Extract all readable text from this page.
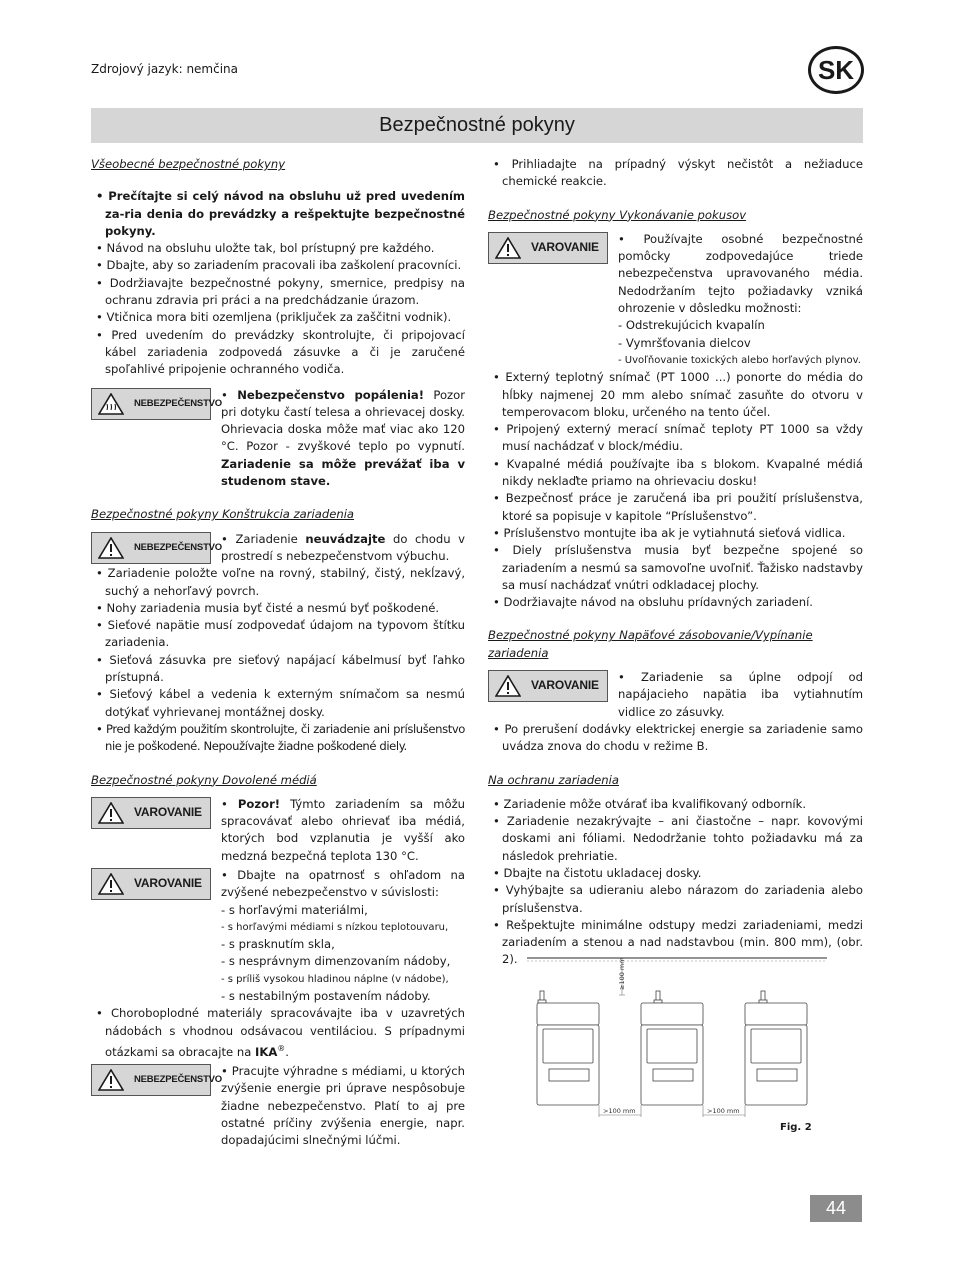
Zdrojový jazyk: nemčina	SK
Bezpečnostné pokyny

Všeobecné bezpečnostné pokyny

• Prečítajte si celý návod na obsluhu už pred uvedením za-ria denia do prevádzky a rešpektujte bezpečnostné pokyny.

• Návod na obsluhu uložte tak, bol prístupný pre každého.

• Dbajte, aby so zariadením pracovali iba zaškolení pracovníci.

• Dodržiavajte bezpečnostné pokyny, smernice, predpisy na ochranu zdravia pri práci a na predchádzanie úrazom.

• Vtičnica mora biti ozemljena (priključek za zaščitni vodnik).

• Pred uvedením do prevádzky skontrolujte, či pripojovací kábel zariadenia zodpovedá zásuvke a či je zaručené spoľahlivé pripojenie ochranného vodiča.

NEBEZPEČENSTVO
• Nebezpečenstvo popálenia! Pozor pri dotyku častí telesa a ohrievacej dosky. Ohrievacia doska môže mať viac ako 120 °C. Pozor - zvyškové teplo po vypnutí. Zariadenie sa môže prevážať iba v studenom stave.

Bezpečnostné pokyny Konštrukcia zariadenia

NEBEZPEČENSTVO
• Zariadenie neuvádzajte do chodu v prostredí s nebezpečenstvom výbuchu.

• Zariadenie položte voľne na rovný, stabilný, čistý, nekĺzavý, suchý a nehorľavý povrch.

• Nohy zariadenia musia byť čisté a nesmú byť poškodené.

• Sieťové napätie musí zodpovedať údajom na typovom štítku zariadenia.

• Sieťová zásuvka pre sieťový napájací kábelmusí byť ľahko prístupná.

• Sieťový kábel a vedenia k externým snímačom sa nesmú dotýkať vyhrievanej montážnej dosky.

• Pred každým použitím skontrolujte, či zariadenie ani príslušenstvo nie je poškodené. Nepoužívajte žiadne poškodené diely.

Bezpečnostné pokyny Dovolené médiá

VAROVANIE
• Pozor! Týmto zariadením sa môžu spracovávať alebo ohrievať iba médiá, ktorých bod vzplanutia je vyšší ako medzná bezpečná teplota 130 °C.
VAROVANIE
• Dbajte na opatrnosť s ohľadom na zvýšené nebezpečenstvo v súvislosti:

- s horľavými materiálmi,

- s horľavými médiami s nízkou teplotouvaru,

- s prasknutím skla,

- s nesprávnym dimenzovaním nádoby,

- s príliš vysokou hladinou náplne (v nádobe),

- s nestabilným postavením nádoby.

• Choroboplodné materiály spracovávajte iba v uzavretých nádobách s vhodnou odsávacou ventiláciou. S prípadnymi otázkami sa obracajte na IKA®.

NEBEZPEČENSTVO
• Pracujte výhradne s médiami, u ktorých zvýšenie energie pri úprave nespôsobuje žiadne nebezpečenstvo. Platí to aj pre ostatné príčiny zvýšenia energie, napr. dopadajúcimi slnečnými lúčmi.

• Prihliadajte na prípadný výskyt nečistôt a nežiaduce chemické reakcie.

Bezpečnostné pokyny Vykonávanie pokusov

VAROVANIE
• Používajte osobné bezpečnostné pomôcky zodpovedajúce triede nebezpečenstva upravovaného média. Nedodržaním tejto požiadavky vzniká ohrozenie v dôsledku možnosti:

- Odstrekujúcich kvapalín

- Vymršťovania dielcov

- Uvoľňovanie toxických alebo horľavých plynov.

• Externý teplotný snímač (PT 1000 ...) ponorte do média do hĺbky najmenej 20 mm alebo snímač zasuňte do otvoru v temperovacom bloku, určeného na tento účel.

• Pripojený externý merací snímač teploty PT 1000 sa vždy musí nachádzať v block/médiu.

• Kvapalné médiá používajte iba s blokom. Kvapalné médiá nikdy neklaďte priamo na ohrievaciu dosku!

• Bezpečnosť práce je zaručená iba pri použití príslušenstva, ktoré sa popisuje v kapitole “Príslušenstvo”.

• Príslušenstvo montujte iba ak je vytiahnutá sieťová vidlica.

• Diely príslušenstva musia byť bezpečne spojené so zariadením a nesmú sa samovoľne uvoľniť. Ťažisko nadstavby sa musí nachádzať vnútri odkladacej plochy.

• Dodržiavajte návod na obsluhu prídavných zariadení.

Bezpečnostné pokyny Napäťové zásobovanie/Vypínanie zariadenia

VAROVANIE
• Zariadenie sa úplne odpojí od napájacieho napätia iba vytiahnutím vidlice zo zásuvky.

• Po prerušení dodávky elektrickej energie sa zariadenie samo uvádza znova do chodu v režime B.

Na ochranu zariadenia

• Zariadenie môže otvárať iba kvalifikovaný odborník.

• Zariadenie nezakrývajte – ani čiastočne – napr. kovovými doskami ani fóliami. Nedodržanie tohto požiadavku má za následok prehriatie.

• Dbajte na čistotu ukladacej dosky.

• Vyhýbajte sa udieraniu alebo nárazom do zariadenia alebo príslušenstva.

• Rešpektujte minimálne odstupy medzi zariadeniami, medzi zariadením a stenou a nad nadstavbou (min. 800 mm), (obr. 2).	≥100 mm
>100 mm	>100 mm
Fig. 2
44
